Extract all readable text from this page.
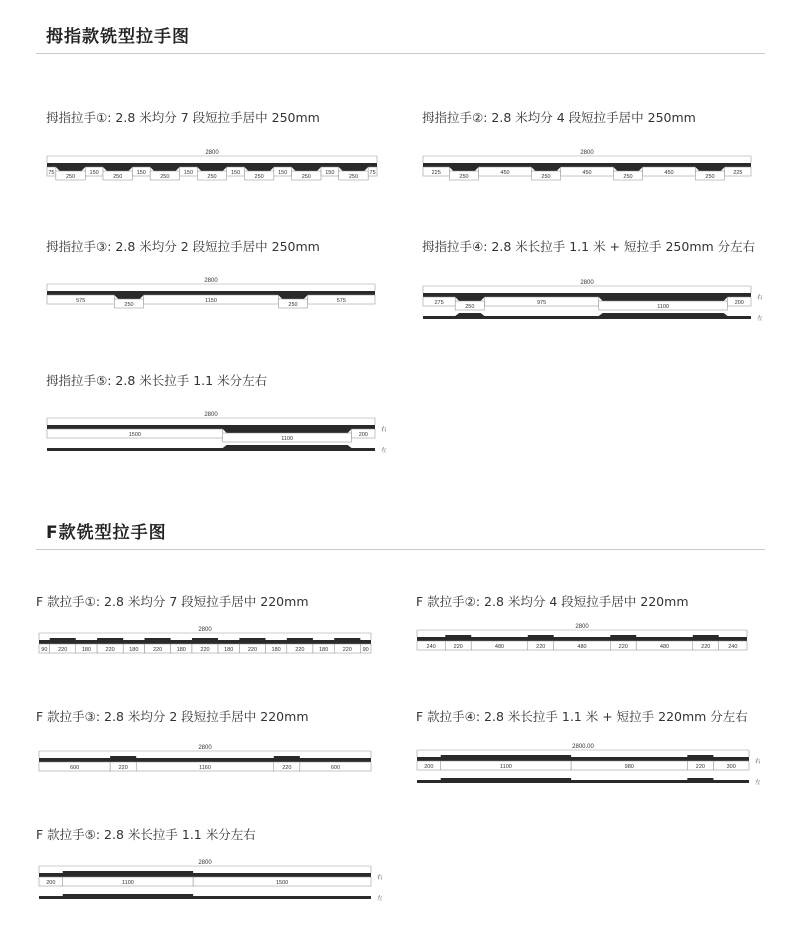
拇指款铣型拉手图
拇指拉手①: 2.8 米均分 7 段短拉手居中 250mm
2800
75
250
150
250
150
250
150
250
150
250
150
250
150
250
75
拇指拉手②: 2.8 米均分 4 段短拉手居中 250mm
2800
225
250
450
250
450
250
450
250
225
拇指拉手③: 2.8 米均分 2 段短拉手居中 250mm
2800
575
250
1150
250
575
拇指拉手④: 2.8 米长拉手 1.1 米 + 短拉手 250mm 分左右
2800
275
250
975
1100
200
右
左
拇指拉手⑤: 2.8 米长拉手 1.1 米分左右
2800
1500
1100
200
右
左
F款铣型拉手图
F 款拉手①: 2.8 米均分 7 段短拉手居中 220mm
2800
90 220	180	220	180	220	180	220	180	220	180	220	180	220 90
F 款拉手②: 2.8 米均分 4 段短拉手居中 220mm
2800
240	220	480	220	480	220	480	220	240
F 款拉手③: 2.8 米均分 2 段短拉手居中 220mm
2800
600	220	1160	220	600
F 款拉手④: 2.8 米长拉手 1.1 米 + 短拉手 220mm 分左右
2800.00
200	1100	980	220	300
右
左
F 款拉手⑤: 2.8 米长拉手 1.1 米分左右
2800
200	1100	1500
右
左
